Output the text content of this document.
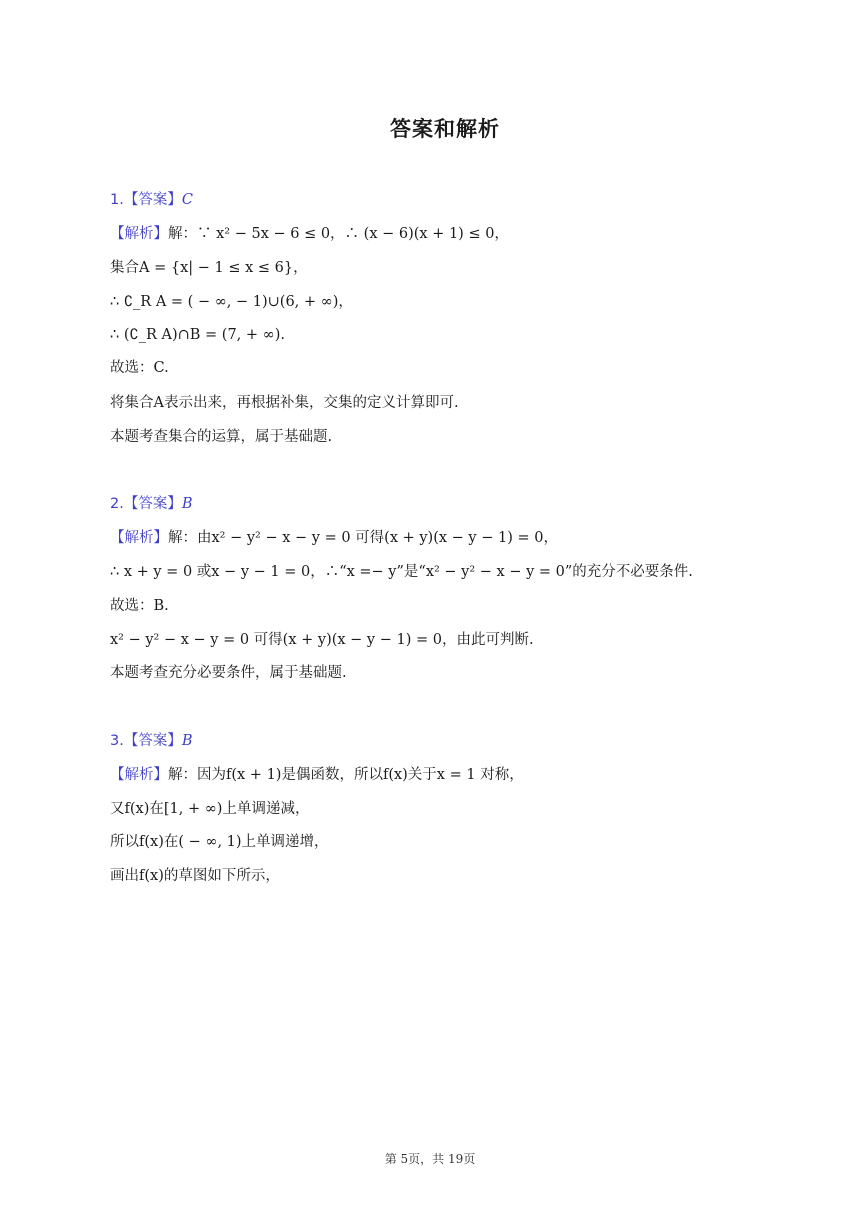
答案和解析
1.【答案】C
【解析】解：∵ x² − 5x − 6 ≤ 0，∴ (x − 6)(x + 1) ≤ 0，
集合A = {x| − 1 ≤ x ≤ 6}，
∴ ∁_R A = ( − ∞, − 1)∪(6, + ∞)，
∴ (∁_R A)∩B = (7, + ∞).
故选：C.
将集合A表示出来，再根据补集，交集的定义计算即可.
本题考查集合的运算，属于基础题.
2.【答案】B
【解析】解：由x² − y² − x − y = 0 可得(x + y)(x − y − 1) = 0，
∴ x + y = 0 或x − y − 1 = 0，∴“x =− y”是“x² − y² − x − y = 0”的充分不必要条件.
故选：B.
x² − y² − x − y = 0 可得(x + y)(x − y − 1) = 0，由此可判断.
本题考查充分必要条件，属于基础题.
3.【答案】B
【解析】解：因为f(x + 1)是偶函数，所以f(x)关于x = 1 对称，
又f(x)在[1, + ∞)上单调递减，
所以f(x)在( − ∞, 1)上单调递增，
画出f(x)的草图如下所示，
第 5页，共 19页
